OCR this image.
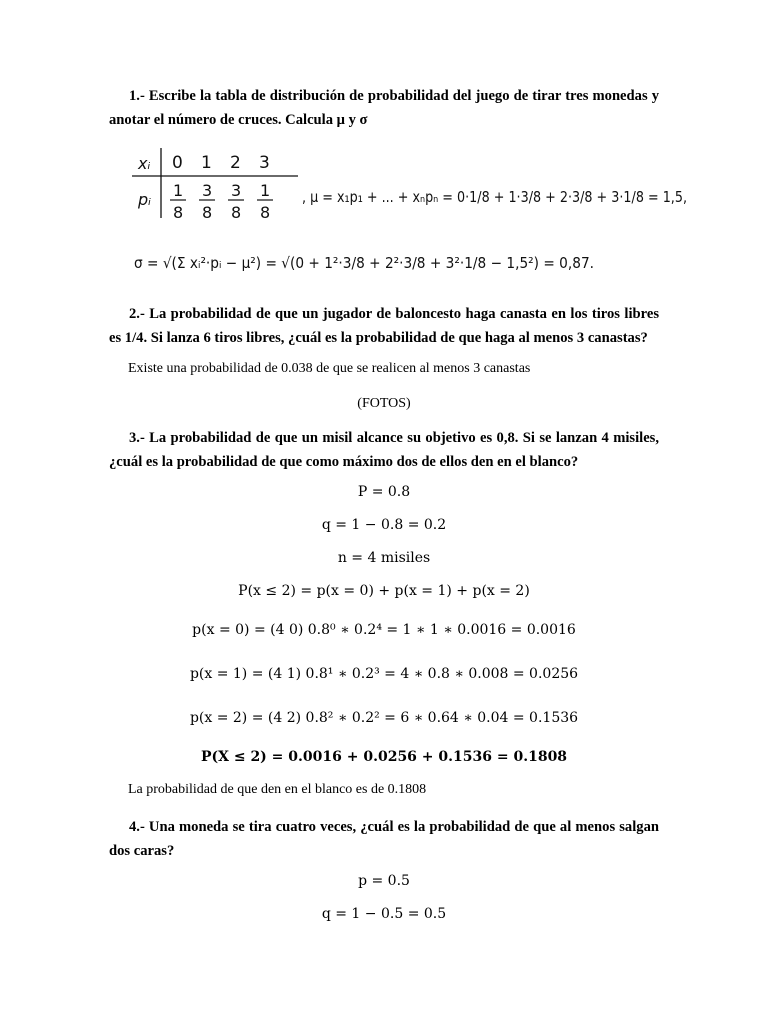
1.- Escribe la tabla de distribución de probabilidad del juego de tirar tres monedas y anotar el número de cruces. Calcula μ y σ

xᵢ
pᵢ
0 1 2 3
1
8
3
8
3
8
1
8
, μ = x₁p₁ + ... + xₙpₙ = 0·1/8 + 1·3/8 + 2·3/8 + 3·1/8 = 1,5,
σ = √(Σ xᵢ²·pᵢ − μ²) = √(0 + 1²·3/8 + 2²·3/8 + 3²·1/8 − 1,5²) = 0,87.

2.- La probabilidad de que un jugador de baloncesto haga canasta en los tiros libres es 1/4. Si lanza 6 tiros libres, ¿cuál es la probabilidad de que haga al menos 3 canastas?

Existe una probabilidad de 0.038 de que se realicen al menos 3 canastas

(FOTOS)

3.- La probabilidad de que un misil alcance su objetivo es 0,8. Si se lanzan 4 misiles, ¿cuál es la probabilidad de que como máximo dos de ellos den en el blanco?

P = 0.8

q = 1 − 0.8 = 0.2

n = 4 misiles

P(x ≤ 2) = p(x = 0) + p(x = 1) + p(x = 2)

p(x = 0) = (4 0) 0.8⁰ ∗ 0.2⁴ = 1 ∗ 1 ∗ 0.0016 = 0.0016

p(x = 1) = (4 1) 0.8¹ ∗ 0.2³ = 4 ∗ 0.8 ∗ 0.008 = 0.0256

p(x = 2) = (4 2) 0.8² ∗ 0.2² = 6 ∗ 0.64 ∗ 0.04 = 0.1536

P(X ≤ 2) = 0.0016 + 0.0256 + 0.1536 = 0.1808

La probabilidad de que den en el blanco es de 0.1808

4.- Una moneda se tira cuatro veces, ¿cuál es la probabilidad de que al menos salgan dos caras?

p = 0.5

q = 1 − 0.5 = 0.5
